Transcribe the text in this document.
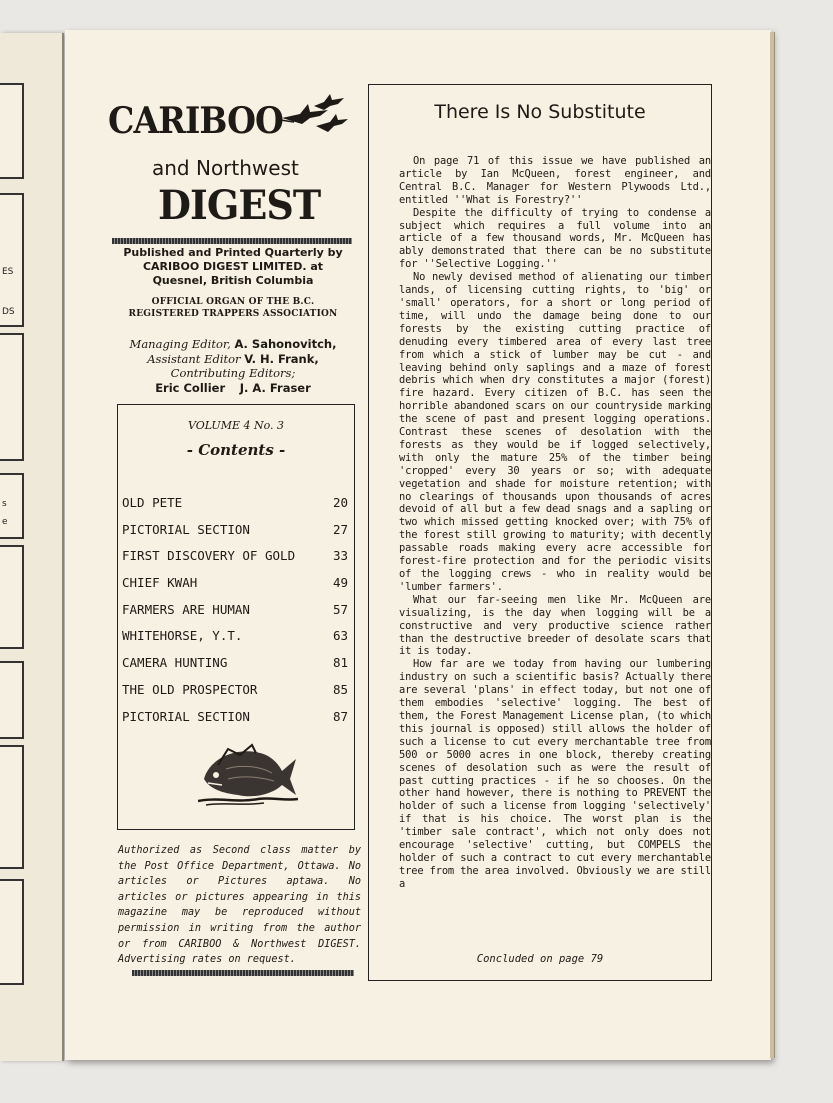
ES
DS
s
e
CARIBOO
and Northwest
DIGEST
Published and Printed Quarterly by
CARIBOO DIGEST LIMITED. at
Quesnel, British Columbia
OFFICIAL ORGAN OF THE B.C.
REGISTERED TRAPPERS ASSOCIATION
Managing Editor, A. Sahonovitch,
Assistant Editor V. H. Frank,
Contributing Editors;
Eric Collier J. A. Fraser
VOLUME 4 No. 3
- Contents -
OLD PETE	20
PICTORIAL SECTION	27
FIRST DISCOVERY OF GOLD	33
CHIEF KWAH	49
FARMERS ARE HUMAN	57
WHITEHORSE, Y.T.	63
CAMERA HUNTING	81
THE OLD PROSPECTOR	85
PICTORIAL SECTION	87
Authorized as Second class matter by the Post Office Department, Ottawa. No articles or Pictures aptawa. No articles or pictures appearing in this magazine may be reproduced without permission in writing from the author or from CARIBOO & Northwest DIGEST. Advertising rates on request.
There Is No Substitute

On page 71 of this issue we have published an article by Ian McQueen, forest engineer, and Central B.C. Manager for Western Plywoods Ltd., entitled ''What is Forestry?''

Despite the difficulty of trying to condense a subject which requires a full volume into an article of a few thousand words, Mr. McQueen has ably demonstrated that there can be no substitute for ''Selective Logging.''

No newly devised method of alienating our timber lands, of licensing cutting rights, to 'big' or 'small' operators, for a short or long period of time, will undo the damage being done to our forests by the existing cutting practice of denuding every timbered area of every last tree from which a stick of lumber may be cut - and leaving behind only saplings and a maze of forest debris which when dry constitutes a major (forest) fire hazard. Every citizen of B.C. has seen the horrible abandoned scars on our countryside marking the scene of past and present logging operations. Contrast these scenes of desolation with the forests as they would be if logged selectively, with only the mature 25% of the timber being 'cropped' every 30 years or so; with adequate vegetation and shade for moisture retention; with no clearings of thousands upon thousands of acres devoid of all but a few dead snags and a sapling or two which missed getting knocked over; with 75% of the forest still growing to maturity; with decently passable roads making every acre accessible for forest-fire protection and for the periodic visits of the logging crews - who in reality would be 'lumber farmers'.

What our far-seeing men like Mr. McQueen are visualizing, is the day when logging will be a constructive and very productive science rather than the destructive breeder of desolate scars that it is today.

How far are we today from having our lumbering industry on such a scientific basis? Actually there are several 'plans' in effect today, but not one of them embodies 'selective' logging. The best of them, the Forest Management License plan, (to which this journal is opposed) still allows the holder of such a license to cut every merchantable tree from 500 or 5000 acres in one block, thereby creating scenes of desolation such as were the result of past cutting practices - if he so chooses. On the other hand however, there is nothing to PREVENT the holder of such a license from logging 'selectively' if that is his choice. The worst plan is the 'timber sale contract', which not only does not encourage 'selective' cutting, but COMPELS the holder of such a contract to cut every merchantable tree from the area involved. Obviously we are still a

Concluded on page 79
